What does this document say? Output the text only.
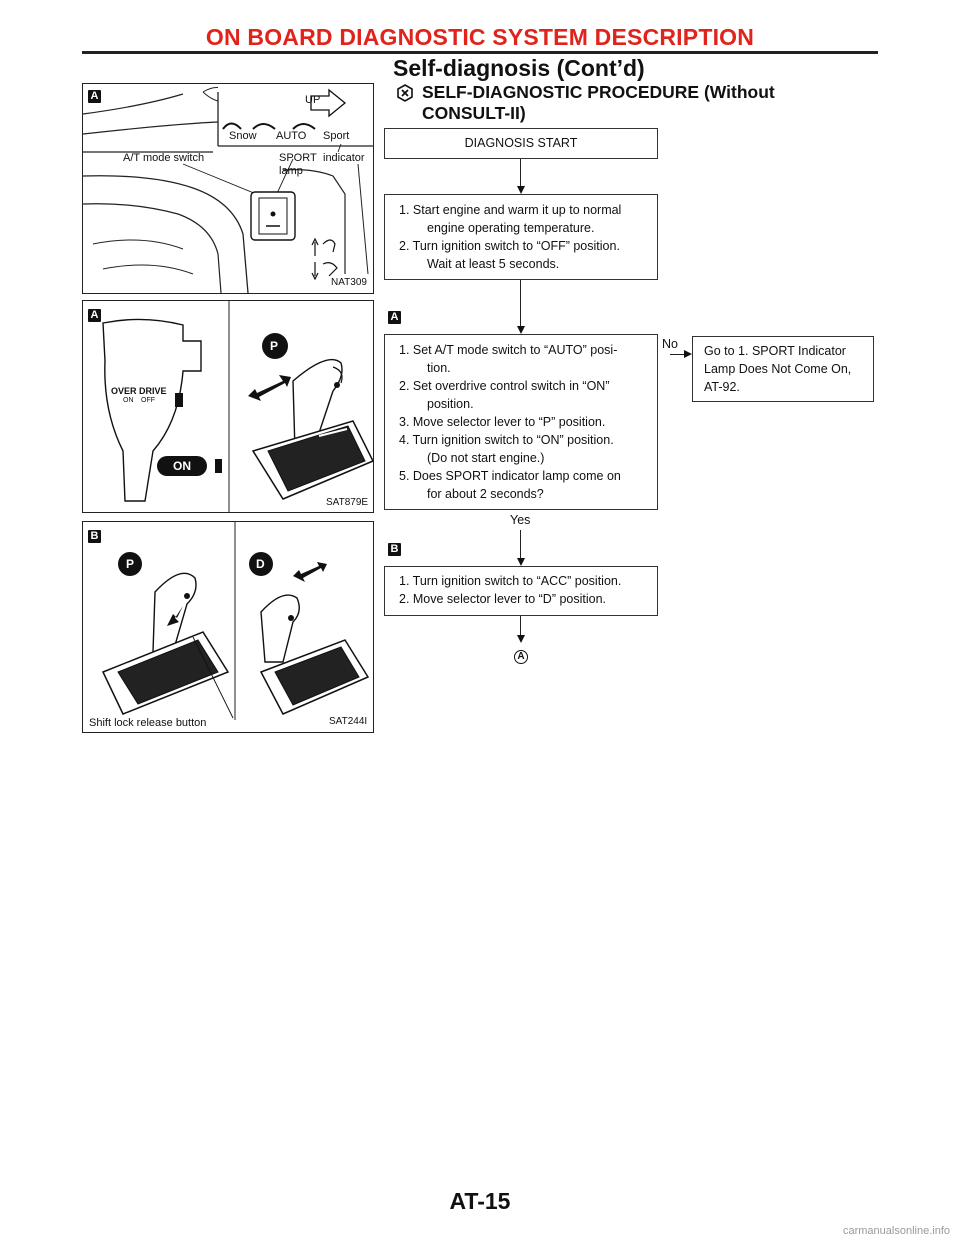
ON BOARD DIAGNOSTIC SYSTEM DESCRIPTION
Self-diagnosis (Cont’d)
SELF-DIAGNOSTIC PROCEDURE (Without
CONSULT-II)
A	UP
Snow AUTO Sport
A/T mode switch	SPORT
lamp
indicator
NAT309
A
OVER DRIVE
ON OFF
ON
P
SAT879E
B
P	D
Shift lock release button	SAT244I
DIAGNOSIS START
1. Start engine and warm it up to normal
engine operating temperature.
2. Turn ignition switch to “OFF” position.
Wait at least 5 seconds.
A
1. Set A/T mode switch to “AUTO” posi-
tion.
2. Set overdrive control switch in “ON”
position.
3. Move selector lever to “P” position.
4. Turn ignition switch to “ON” position.
(Do not start engine.)
5. Does SPORT indicator lamp come on
for about 2 seconds?
No Go to 1. SPORT Indicator
Lamp Does Not Come On,
AT-92.
Yes
B
1. Turn ignition switch to “ACC” position.
2. Move selector lever to “D” position.
A
AT-15
carmanualsonline.info
